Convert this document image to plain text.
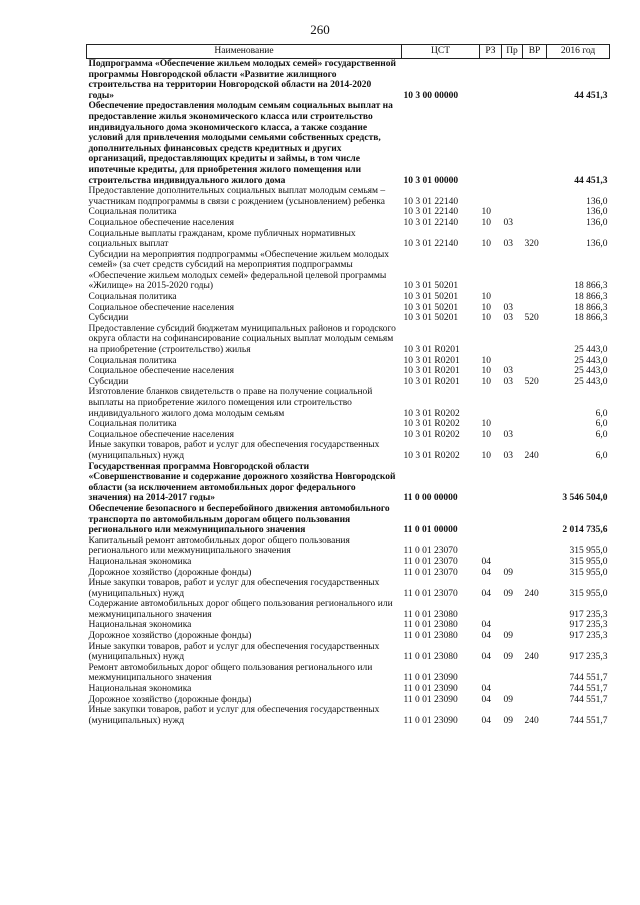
260
Наименование	ЦСТ	РЗ	Пр	ВР	2016 год
Подпрограмма «Обеспечение жильем молодых семей» государственной программы Новгородской области «Развитие жилищного строительства на территории Новгородской области на 2014-2020 годы»	10 3 00 00000				44 451,3
Обеспечение предоставления молодым семьям социальных выплат на предоставление жилья экономического класса или строительство индивидуального дома экономического класса, а также создание условий для привлечения молодыми семьями собственных средств, дополнительных финансовых средств кредитных и других организаций, предоставляющих кредиты и займы, в том числе ипотечные кредиты, для приобретения жилого помещения или строительства индивидуального жилого дома	10 3 01 00000				44 451,3
Предоставление дополнительных социальных выплат молодым семьям – участникам подпрограммы в связи с рождением (усыновлением) ребенка	10 3 01 22140				136,0
Социальная политика	10 3 01 22140	10			136,0
Социальное обеспечение населения	10 3 01 22140	10	03		136,0
Социальные выплаты гражданам, кроме публичных нормативных социальных выплат	10 3 01 22140	10	03	320	136,0
Субсидии на мероприятия подпрограммы «Обеспечение жильем молодых семей» (за счет средств субсидий на мероприятия подпрограммы «Обеспечение жильем молодых семей» федеральной целевой программы «Жилище» на 2015-2020 годы)	10 3 01 50201				18 866,3
Социальная политика	10 3 01 50201	10			18 866,3
Социальное обеспечение населения	10 3 01 50201	10	03		18 866,3
Субсидии	10 3 01 50201	10	03	520	18 866,3
Предоставление субсидий бюджетам муниципальных районов и городского округа области на софинансирование социальных выплат молодым семьям на приобретение (строительство) жилья	10 3 01 R0201				25 443,0
Социальная политика	10 3 01 R0201	10			25 443,0
Социальное обеспечение населения	10 3 01 R0201	10	03		25 443,0
Субсидии	10 3 01 R0201	10	03	520	25 443,0
Изготовление бланков свидетельств о праве на получение социальной выплаты на приобретение жилого помещения или строительство индивидуального жилого дома молодым семьям	10 3 01 R0202				6,0
Социальная политика	10 3 01 R0202	10			6,0
Социальное обеспечение населения	10 3 01 R0202	10	03		6,0
Иные закупки товаров, работ и услуг для обеспечения государственных (муниципальных) нужд	10 3 01 R0202	10	03	240	6,0
Государственная программа Новгородской области «Совершенствование и содержание дорожного хозяйства Новгородской области (за исключением автомобильных дорог федерального значения) на 2014-2017 годы»	11 0 00 00000				3 546 504,0
Обеспечение безопасного и бесперебойного движения автомобильного транспорта по автомобильным дорогам общего пользования регионального или межмуниципального значения	11 0 01 00000				2 014 735,6
Капитальный ремонт автомобильных дорог общего пользования регионального или межмуниципального значения	11 0 01 23070				315 955,0
Национальная экономика	11 0 01 23070	04			315 955,0
Дорожное хозяйство (дорожные фонды)	11 0 01 23070	04	09		315 955,0
Иные закупки товаров, работ и услуг для обеспечения государственных (муниципальных) нужд	11 0 01 23070	04	09	240	315 955,0
Содержание автомобильных дорог общего пользования регионального или межмуниципального значения	11 0 01 23080				917 235,3
Национальная экономика	11 0 01 23080	04			917 235,3
Дорожное хозяйство (дорожные фонды)	11 0 01 23080	04	09		917 235,3
Иные закупки товаров, работ и услуг для обеспечения государственных (муниципальных) нужд	11 0 01 23080	04	09	240	917 235,3
Ремонт автомобильных дорог общего пользования регионального или межмуниципального значения	11 0 01 23090				744 551,7
Национальная экономика	11 0 01 23090	04			744 551,7
Дорожное хозяйство (дорожные фонды)	11 0 01 23090	04	09		744 551,7
Иные закупки товаров, работ и услуг для обеспечения государственных (муниципальных) нужд	11 0 01 23090	04	09	240	744 551,7
